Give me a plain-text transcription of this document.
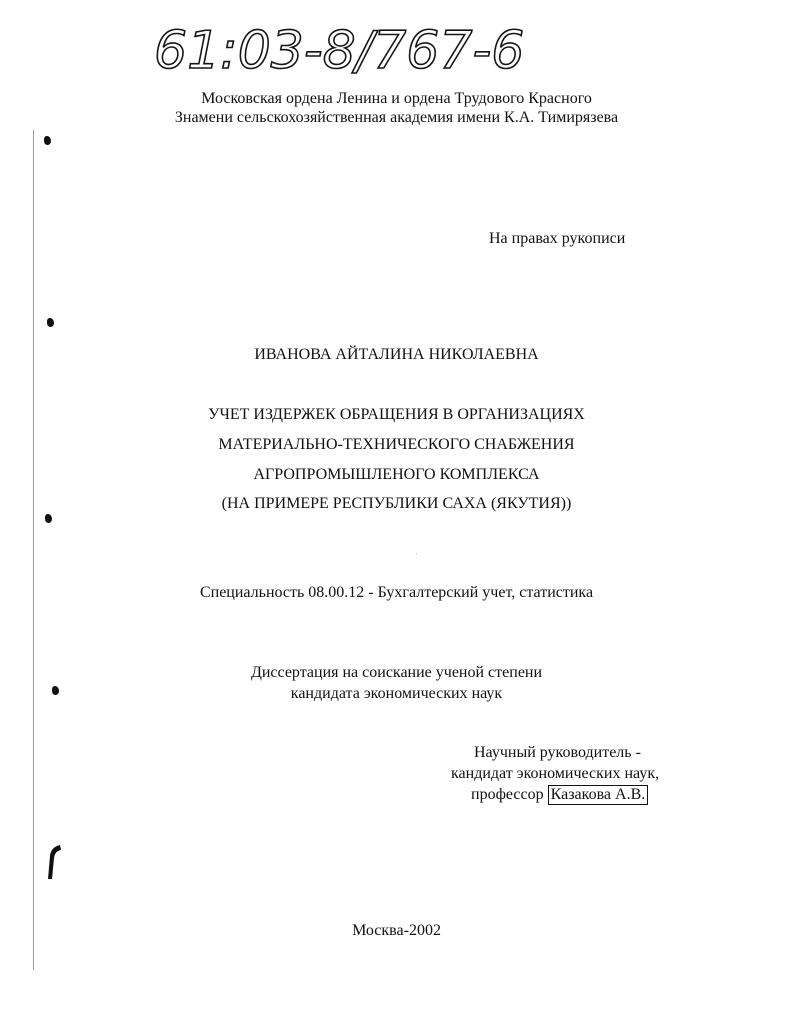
61:03-8/767-6
Московская ордена Ленина и ордена Трудового Красного
Знамени сельскохозяйственная академия имени К.А. Тимирязева
На правах рукописи
ИВАНОВА АЙТАЛИНА НИКОЛАЕВНА
УЧЕТ ИЗДЕРЖЕК ОБРАЩЕНИЯ В ОРГАНИЗАЦИЯХ
МАТЕРИАЛЬНО-ТЕХНИЧЕСКОГО СНАБЖЕНИЯ
АГРОПРОМЫШЛЕНОГО КОМПЛЕКСА
(НА ПРИМЕРЕ РЕСПУБЛИКИ САХА (ЯКУТИЯ))
Специальность 08.00.12 - Бухгалтерский учет, статистика
Диссертация на соискание ученой степени
кандидата экономических наук
Научный руководитель -
кандидат экономических наук,
профессор Казакова А.В.
Москва-2002
